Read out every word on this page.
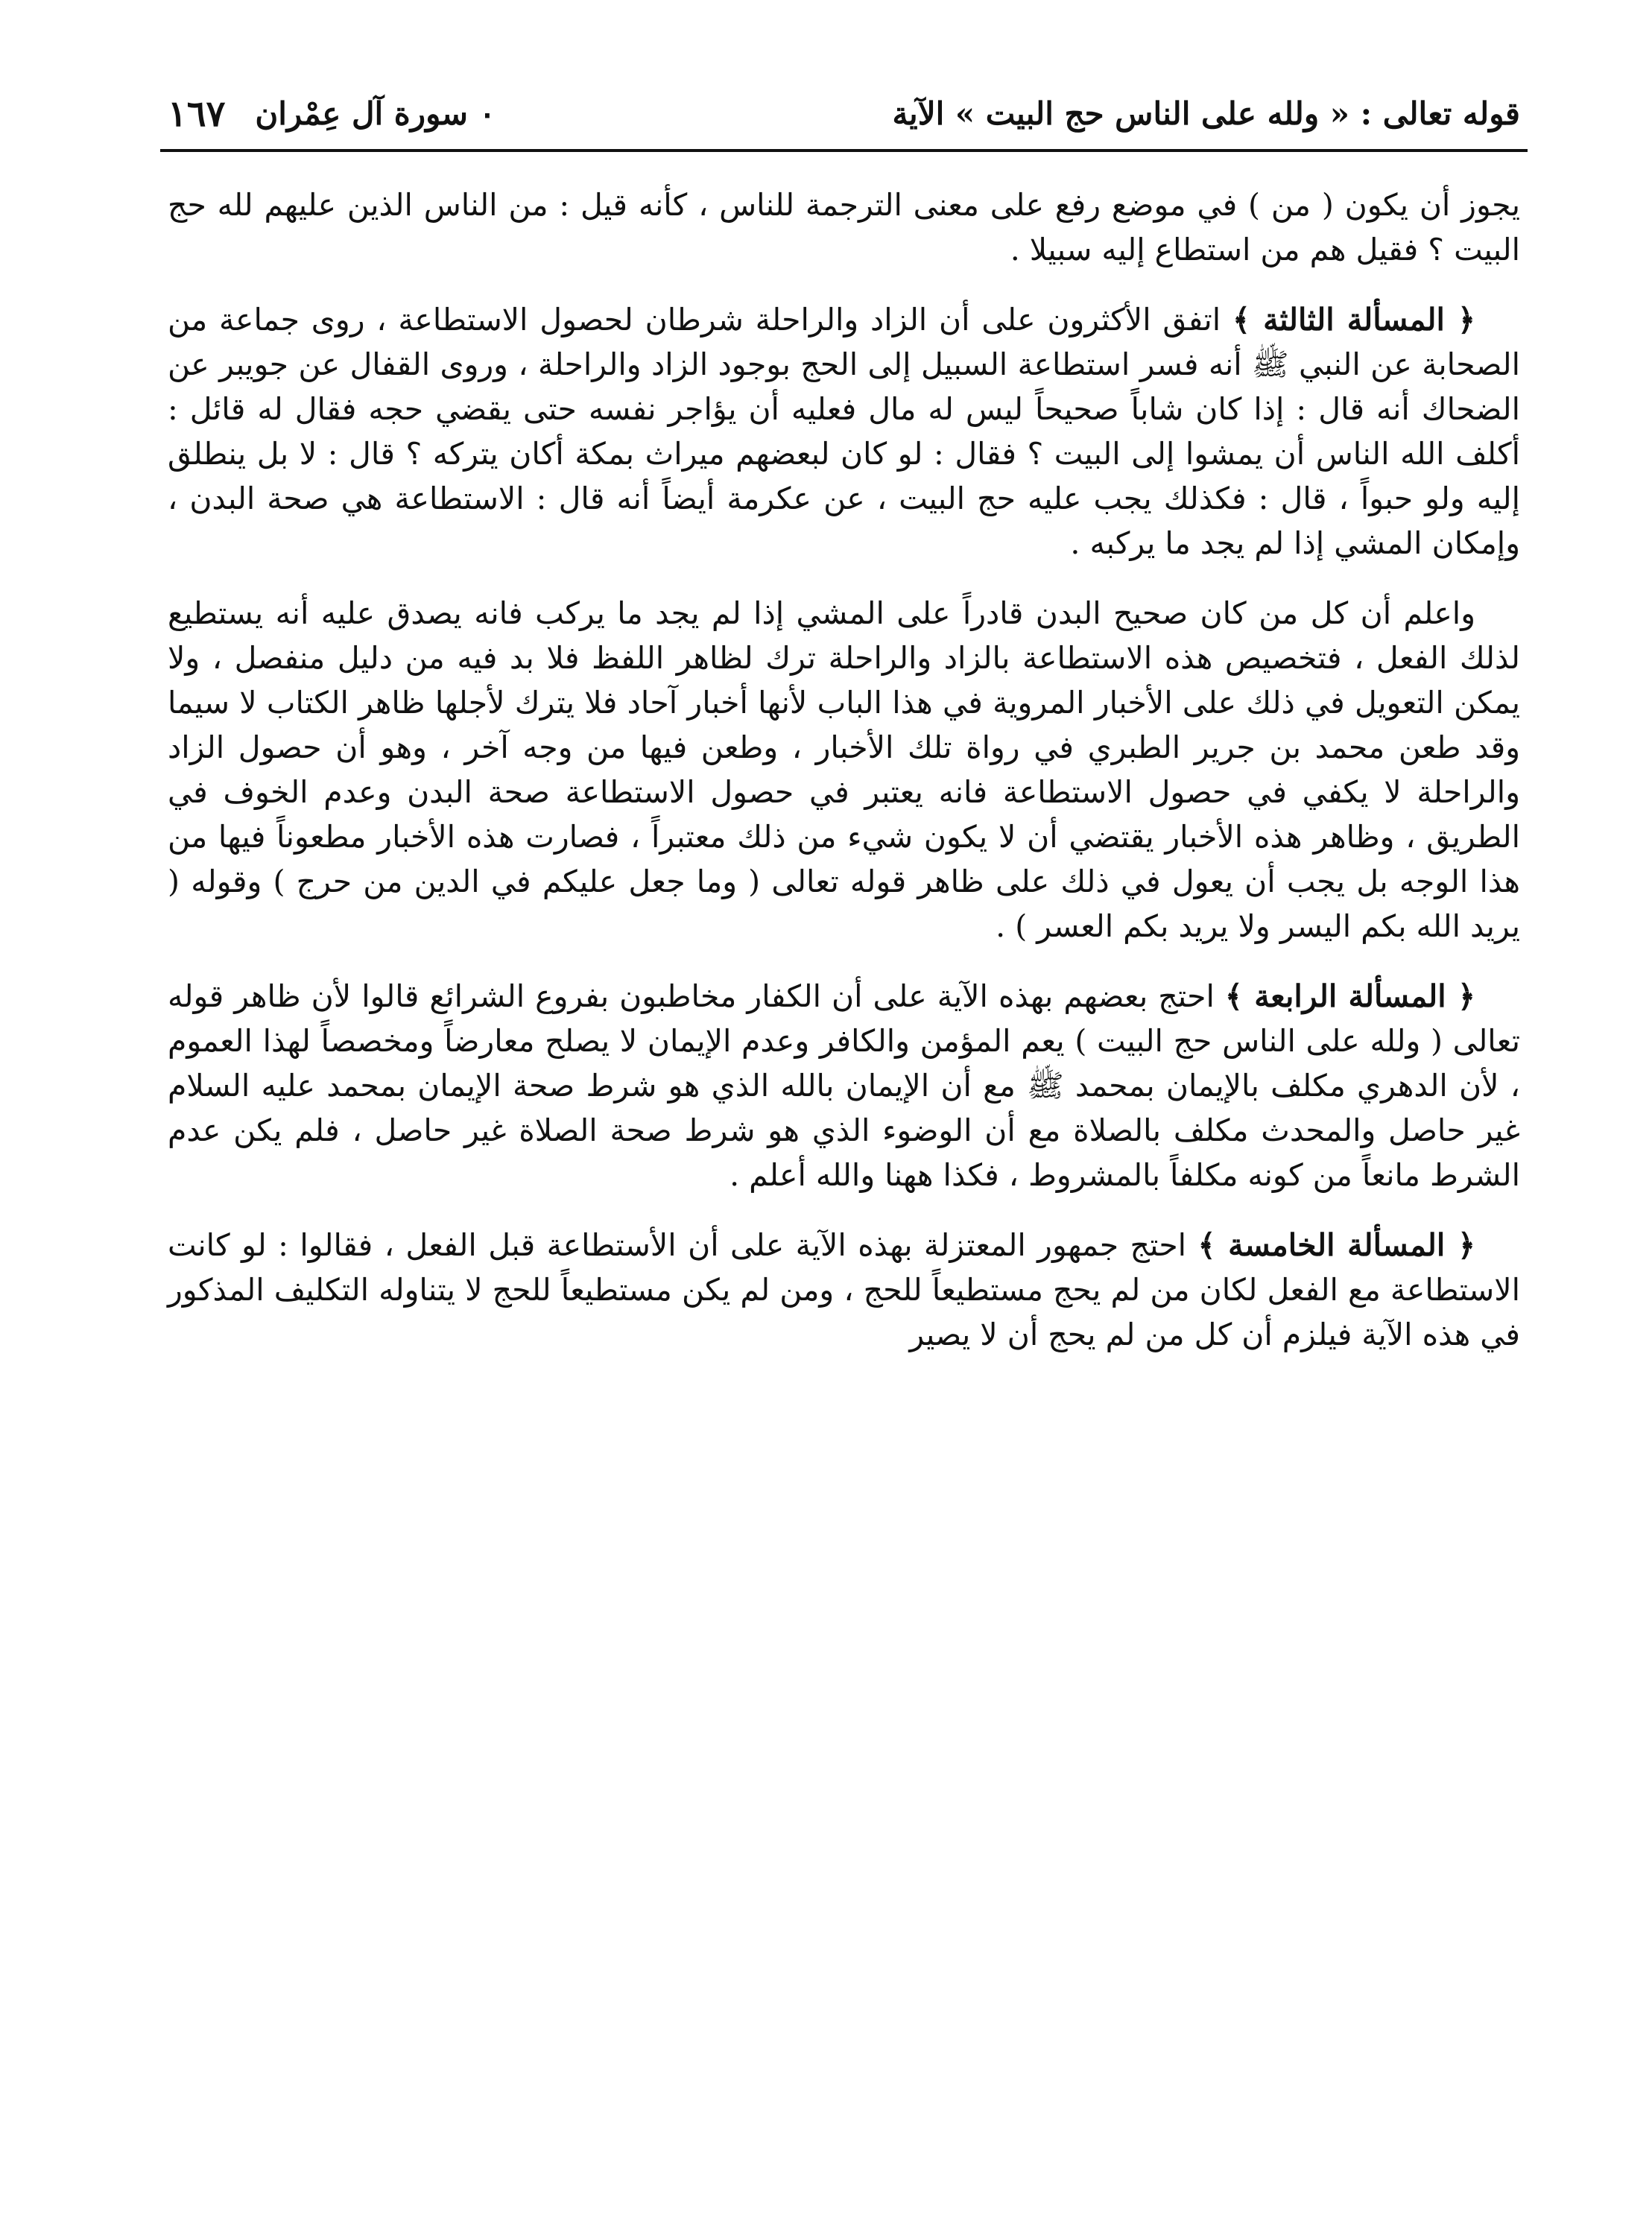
قوله تعالى : « ولله على الناس حج البيت » الآية
٠ سورة آل عِمْران
١٦٧

يجوز أن يكون ( من ) في موضع رفع على معنى الترجمة للناس ، كأنه قيل : من الناس الذين عليهم لله حج البيت ؟ فقيل هم من استطاع إليه سبيلا .

﴿ المسألة الثالثة ﴾ اتفق الأكثرون على أن الزاد والراحلة شرطان لحصول الاستطاعة ، روى جماعة من الصحابة عن النبي ﷺ أنه فسر استطاعة السبيل إلى الحج بوجود الزاد والراحلة ، وروى القفال عن جويبر عن الضحاك أنه قال : إذا كان شاباً صحيحاً ليس له مال فعليه أن يؤاجر نفسه حتى يقضي حجه فقال له قائل : أكلف الله الناس أن يمشوا إلى البيت ؟ فقال : لو كان لبعضهم ميراث بمكة أكان يتركه ؟ قال : لا بل ينطلق إليه ولو حبواً ، قال : فكذلك يجب عليه حج البيت ، عن عكرمة أيضاً أنه قال : الاستطاعة هي صحة البدن ، وإمكان المشي إذا لم يجد ما يركبه .

واعلم أن كل من كان صحيح البدن قادراً على المشي إذا لم يجد ما يركب فانه يصدق عليه أنه يستطيع لذلك الفعل ، فتخصيص هذه الاستطاعة بالزاد والراحلة ترك لظاهر اللفظ فلا بد فيه من دليل منفصل ، ولا يمكن التعويل في ذلك على الأخبار المروية في هذا الباب لأنها أخبار آحاد فلا يترك لأجلها ظاهر الكتاب لا سيما وقد طعن محمد بن جرير الطبري في رواة تلك الأخبار ، وطعن فيها من وجه آخر ، وهو أن حصول الزاد والراحلة لا يكفي في حصول الاستطاعة فانه يعتبر في حصول الاستطاعة صحة البدن وعدم الخوف في الطريق ، وظاهر هذه الأخبار يقتضي أن لا يكون شيء من ذلك معتبراً ، فصارت هذه الأخبار مطعوناً فيها من هذا الوجه بل يجب أن يعول في ذلك على ظاهر قوله تعالى ( وما جعل عليكم في الدين من حرج ) وقوله ( يريد الله بكم اليسر ولا يريد بكم العسر ) .

﴿ المسألة الرابعة ﴾ احتج بعضهم بهذه الآية على أن الكفار مخاطبون بفروع الشرائع قالوا لأن ظاهر قوله تعالى ( ولله على الناس حج البيت ) يعم المؤمن والكافر وعدم الإيمان لا يصلح معارضاً ومخصصاً لهذا العموم ، لأن الدهري مكلف بالإيمان بمحمد ﷺ مع أن الإيمان بالله الذي هو شرط صحة الإيمان بمحمد عليه السلام غير حاصل والمحدث مكلف بالصلاة مع أن الوضوء الذي هو شرط صحة الصلاة غير حاصل ، فلم يكن عدم الشرط مانعاً من كونه مكلفاً بالمشروط ، فكذا ههنا والله أعلم .

﴿ المسألة الخامسة ﴾ احتج جمهور المعتزلة بهذه الآية على أن الأستطاعة قبل الفعل ، فقالوا : لو كانت الاستطاعة مع الفعل لكان من لم يحج مستطيعاً للحج ، ومن لم يكن مستطيعاً للحج لا يتناوله التكليف المذكور في هذه الآية فيلزم أن كل من لم يحج أن لا يصير
